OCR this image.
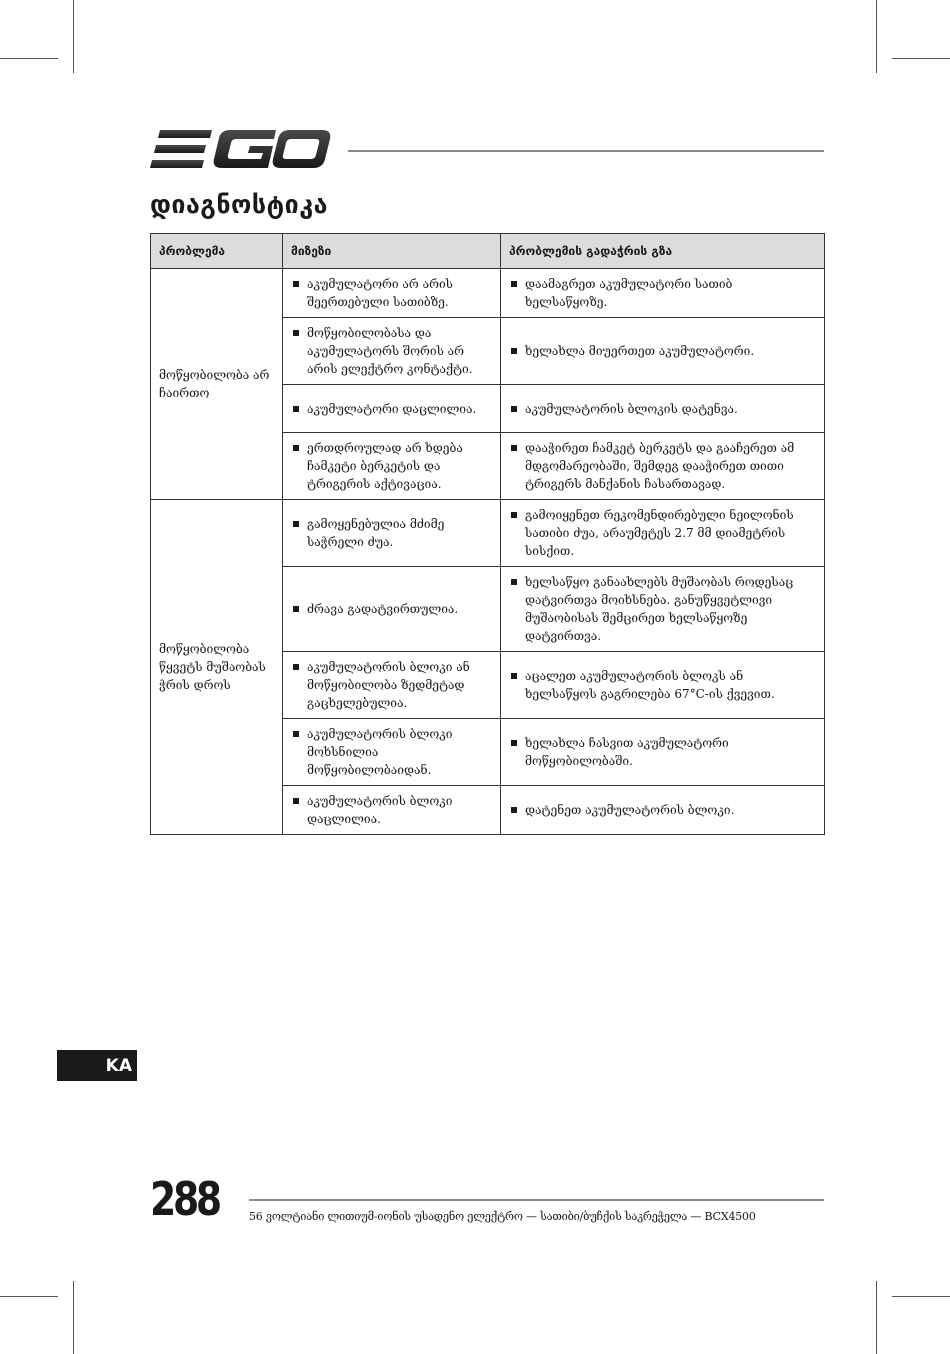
დიაგნოსტიკა
პრობლემა	მიზეზი	პრობლემის გადაჭრის გზა
მოწყობილობა არ ჩაირთო	აკუმულატორი არ არის შეერთებული სათიბზე.	დაამაგრეთ აკუმულატორი სათიბ ხელსაწყოზე.

	მოწყობილობასა და აკუმულატორს შორის არ არის ელექტრო კონტაქტი.	ხელახლა მიუერთეთ აკუმულატორი.

	აკუმულატორი დაცლილია.	აკუმულატორის ბლოკის დატენვა.

	ერთდროულად არ ხდება ჩამკეტი ბერკეტის და ტრიგერის აქტივაცია.	დააჭირეთ ჩამკეტ ბერკეტს და გააჩერეთ ამ მდგომარეობაში, შემდეგ დააჭირეთ თითი ტრიგერს მანქანის ჩასართავად.

მოწყობილობა წყვეტს მუშაობას ჭრის დროს	გამოყენებულია მძიმე საჭრელი ძუა.	გამოიყენეთ რეკომენდირებული ნეილონის სათიბი ძუა, არაუმეტეს 2.7 მმ დიამეტრის სისქით.

	ძრავა გადატვირთულია.	ხელსაწყო განაახლებს მუშაობას როდესაც დატვირთვა მოიხსნება. განუწყვეტლივი მუშაობისას შემცირეთ ხელსაწყოზე დატვირთვა.

	აკუმულატორის ბლოკი ან მოწყობილობა ზედმეტად გაცხელებულია.	აცალეთ აკუმულატორის ბლოკს ან ხელსაწყოს გაგრილება 67°C-ის ქვევით.

	აკუმულატორის ბლოკი მოხსნილია მოწყობილობაიდან.	ხელახლა ჩასვით აკუმულატორი მოწყობილობაში.

	აკუმულატორის ბლოკი დაცლილია.	დატენეთ აკუმულატორის ბლოკი.
KA
288	56 ვოლტიანი ლითიუმ-იონის უსადენო ელექტრო — სათიბი/ბუჩქის საკრეჭელა — BCX4500
